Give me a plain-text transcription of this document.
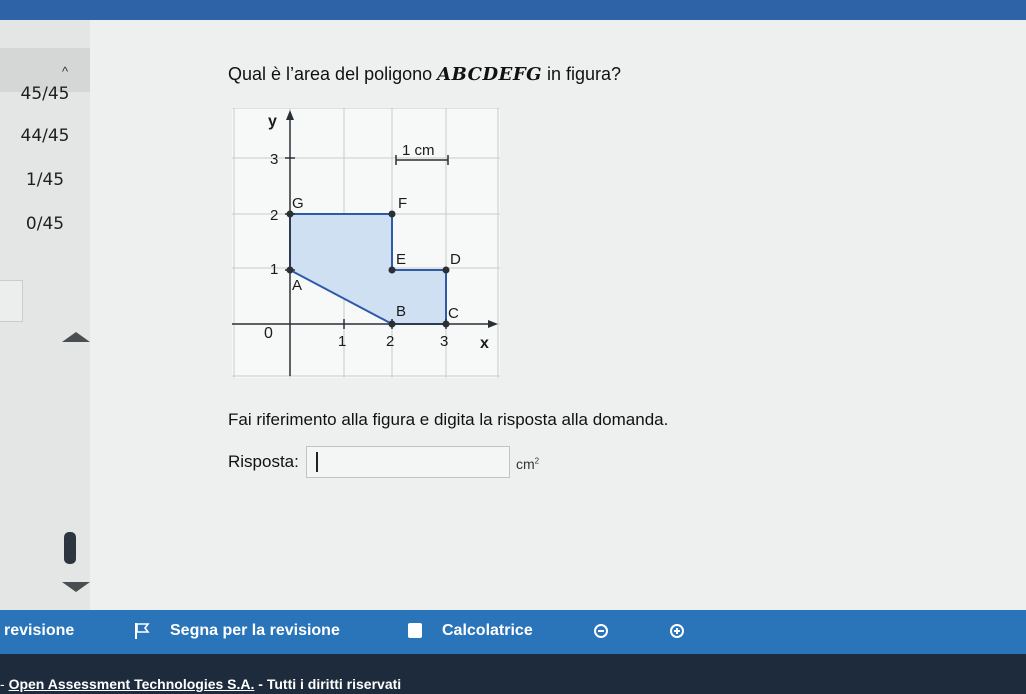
^
45/45
44/45
1/45
0/45
Qual è l’area del poligono ABCDEFG in figura?
1 cm
y
x
0	1	2	3
1
2
3
A
B	C
D
E
F
G
Fai riferimento alla figura e digita la risposta alla domanda.
Risposta:	$cm^2$
revisione	Segna per la revisione	Calcolatrice
- Open Assessment Technologies S.A. - Tutti i diritti riservati
